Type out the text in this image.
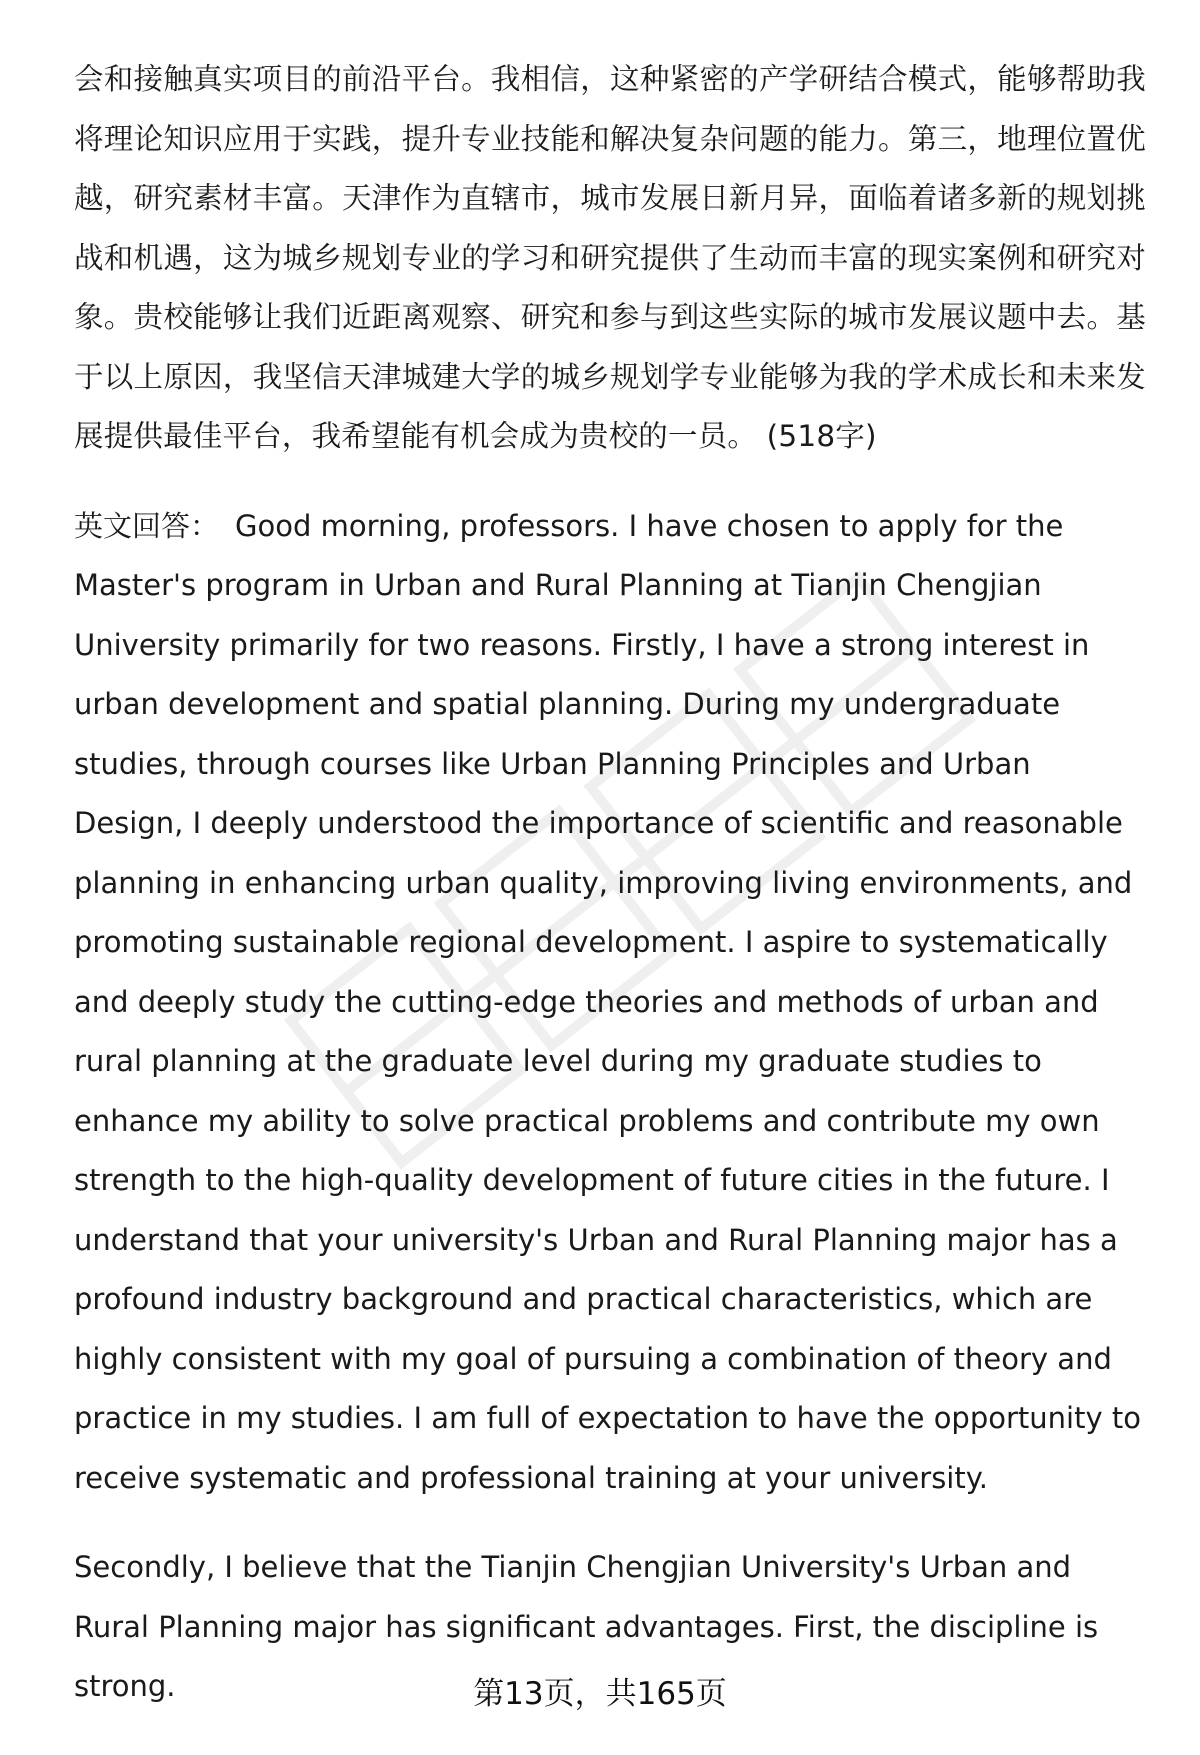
会和接触真实项目的前沿平台。我相信，这种紧密的产学研结合模式，能够帮助我将理论知识应用于实践，提升专业技能和解决复杂问题的能力。第三，地理位置优越，研究素材丰富。天津作为直辖市，城市发展日新月异，面临着诸多新的规划挑战和机遇，这为城乡规划专业的学习和研究提供了生动而丰富的现实案例和研究对象。贵校能够让我们近距离观察、研究和参与到这些实际的城市发展议题中去。基于以上原因，我坚信天津城建大学的城乡规划学专业能够为我的学术成长和未来发展提供最佳平台，我希望能有机会成为贵校的一员。 (518字)

英文回答： Good morning, professors. I have chosen to apply for the Master's program in Urban and Rural Planning at Tianjin Chengjian University primarily for two reasons. Firstly, I have a strong interest in urban development and spatial planning. During my undergraduate studies, through courses like Urban Planning Principles and Urban Design, I deeply understood the importance of scientific and reasonable planning in enhancing urban quality, improving living environments, and promoting sustainable regional development. I aspire to systematically and deeply study the cutting-edge theories and methods of urban and rural planning at the graduate level during my graduate studies to enhance my ability to solve practical problems and contribute my own strength to the high-quality development of future cities in the future. I understand that your university's Urban and Rural Planning major has a profound industry background and practical characteristics, which are highly consistent with my goal of pursuing a combination of theory and practice in my studies. I am full of expectation to have the opportunity to receive systematic and professional training at your university.

Secondly, I believe that the Tianjin Chengjian University's Urban and Rural Planning major has significant advantages. First, the discipline is strong.	第13页，共165页
